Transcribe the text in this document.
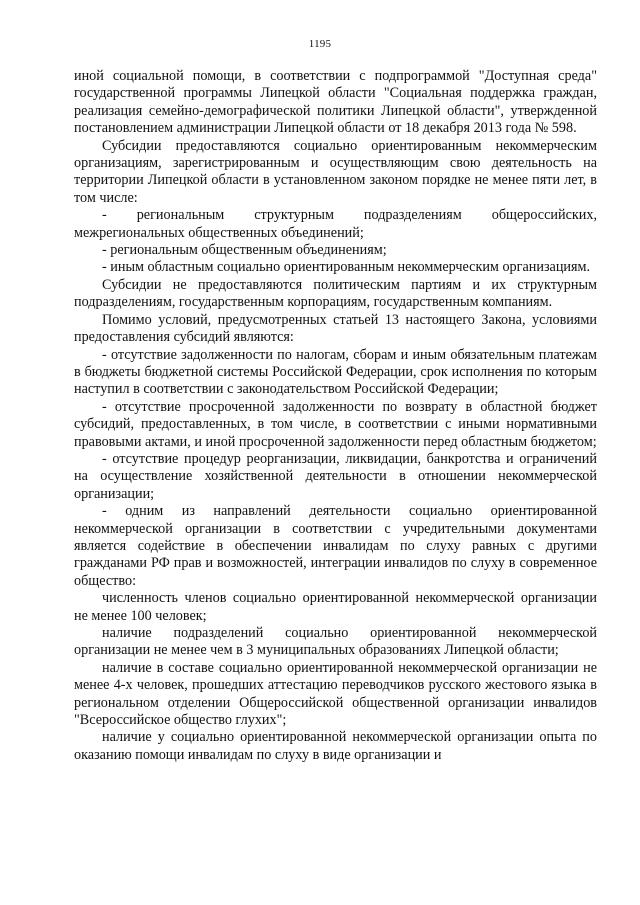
1195

иной социальной помощи, в соответствии с подпрограммой "Доступная среда" государственной программы Липецкой области "Социальная поддержка граждан, реализация семейно-демографической политики Липецкой области", утвержденной постановлением администрации Липецкой области от 18 декабря 2013 года № 598.

Субсидии предоставляются социально ориентированным некоммерческим организациям, зарегистрированным и осуществляющим свою деятельность на территории Липецкой области в установленном законом порядке не менее пяти лет, в том числе:

- региональным структурным подразделениям общероссийских, межрегиональных общественных объединений;

- региональным общественным объединениям;

- иным областным социально ориентированным некоммерческим организациям.

Субсидии не предоставляются политическим партиям и их структурным подразделениям, государственным корпорациям, государственным компаниям.

Помимо условий, предусмотренных статьей 13 настоящего Закона, условиями предоставления субсидий являются:

- отсутствие задолженности по налогам, сборам и иным обязательным платежам в бюджеты бюджетной системы Российской Федерации, срок исполнения по которым наступил в соответствии с законодательством Российской Федерации;

- отсутствие просроченной задолженности по возврату в областной бюджет субсидий, предоставленных, в том числе, в соответствии с иными нормативными правовыми актами, и иной просроченной задолженности перед областным бюджетом;

- отсутствие процедур реорганизации, ликвидации, банкротства и ограничений на осуществление хозяйственной деятельности в отношении некоммерческой организации;

- одним из направлений деятельности социально ориентированной некоммерческой организации в соответствии с учредительными документами является содействие в обеспечении инвалидам по слуху равных с другими гражданами РФ прав и возможностей, интеграции инвалидов по слуху в современное общество:

численность членов социально ориентированной некоммерческой организации не менее 100 человек;

наличие подразделений социально ориентированной некоммерческой организации не менее чем в 3 муниципальных образованиях Липецкой области;

наличие в составе социально ориентированной некоммерческой организации не менее 4-х человек, прошедших аттестацию переводчиков русского жестового языка в региональном отделении Общероссийской общественной организации инвалидов "Всероссийское общество глухих";

наличие у социально ориентированной некоммерческой организации опыта по оказанию помощи инвалидам по слуху в виде организации и
